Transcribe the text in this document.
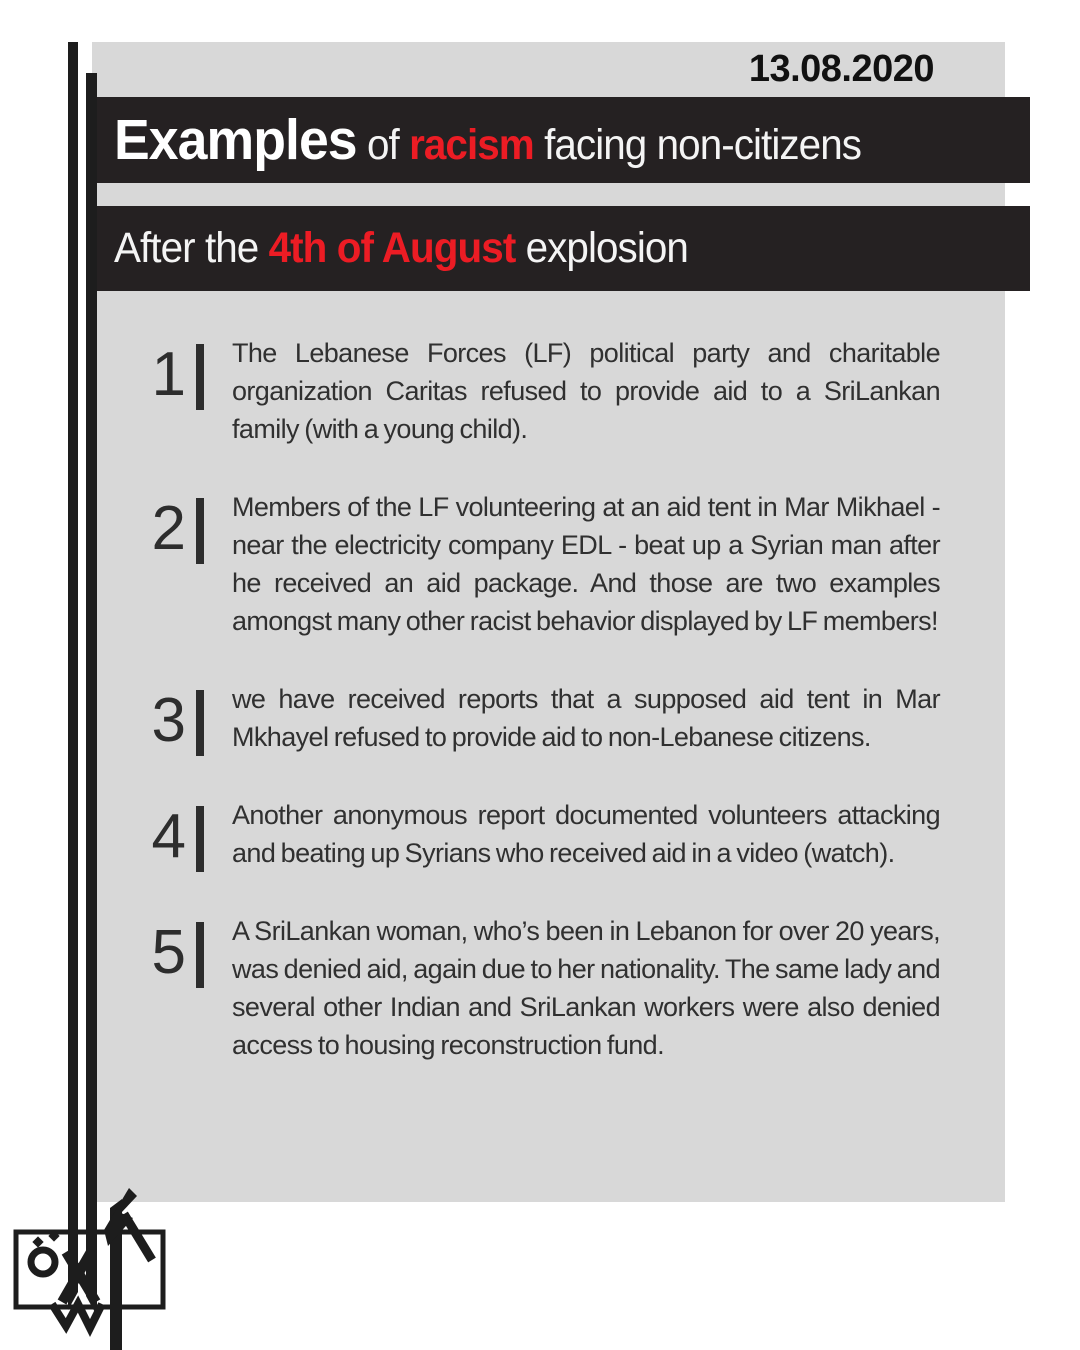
13.08.2020
Examples of racism facing non-citizens
After the 4th of August explosion
1 The Lebanese Forces (LF) political party and charitable organization Caritas refused to provide aid to a SriLankan family (with a young child).
2 Members of the LF volunteering at an aid tent in Mar Mikhael - near the electricity company EDL - beat up a Syrian man after he received an aid package. And those are two examples amongst many other racist behavior displayed by LF members!
3 we have received reports that a supposed aid tent in Mar Mkhayel refused to provide aid to non-Lebanese citizens.
4 Another anonymous report documented volunteers attacking and beating up Syrians who received aid in a video (watch).
5 A SriLankan woman, who’s been in Lebanon for over 20 years, was denied aid, again due to her nationality. The same lady and several other Indian and SriLankan workers were also denied access to housing reconstruction fund.
